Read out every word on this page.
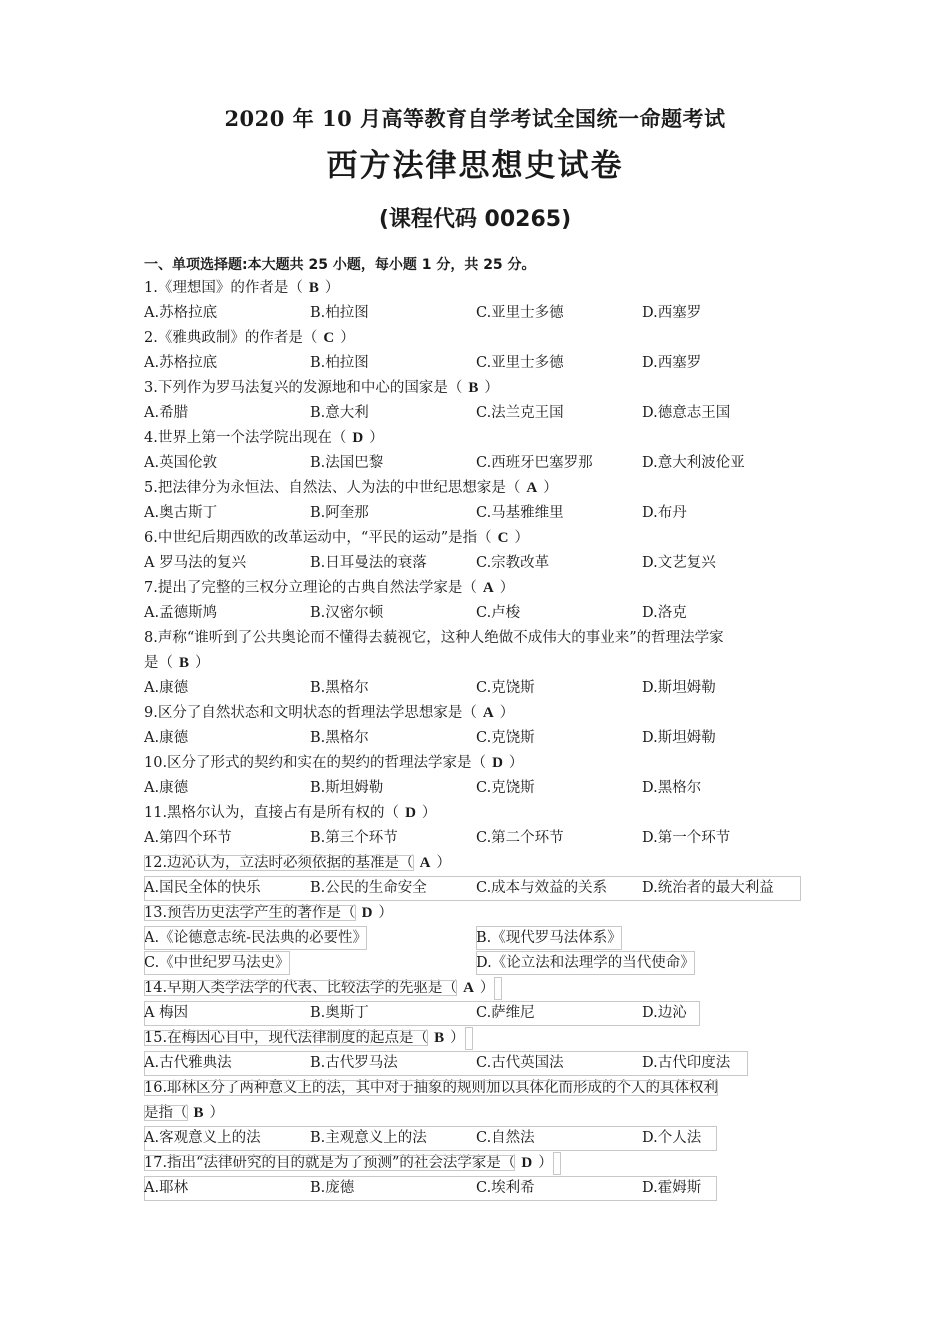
2020 年 10 月高等教育自学考试全国统一命题考试
西方法律思想史试卷
(课程代码 00265)
一、单项选择题:本大题共 25 小题，每小题 1 分，共 25 分。
1.《理想国》的作者是（ B ）
A.苏格拉底	B.柏拉图	C.亚里士多德	D.西塞罗
2.《雅典政制》的作者是（ C ）
A.苏格拉底	B.柏拉图	C.亚里士多德	D.西塞罗
3.下列作为罗马法复兴的发源地和中心的国家是（ B ）
A.希腊	B.意大利	C.法兰克王国	D.德意志王国
4.世界上第一个法学院出现在（ D ）
A.英国伦敦	B.法国巴黎	C.西班牙巴塞罗那	D.意大利波伦亚
5.把法律分为永恒法、自然法、人为法的中世纪思想家是（ A ）
A.奥古斯丁	B.阿奎那	C.马基雅维里	D.布丹
6.中世纪后期西欧的改革运动中，“平民的运动”是指（ C ）
A 罗马法的复兴	B.日耳曼法的衰落	C.宗教改革	D.文艺复兴
7.提出了完整的三权分立理论的古典自然法学家是（ A ）
A.孟德斯鸠	B.汉密尔顿	C.卢梭	D.洛克
8.声称“谁听到了公共奥论而不懂得去藐视它，这种人绝做不成伟大的事业来”的哲理法学家
是（ B ）
A.康德	B.黑格尔	C.克饶斯	D.斯坦姆勒
9.区分了自然状态和文明状态的哲理法学思想家是（ A ）
A.康德	B.黑格尔	C.克饶斯	D.斯坦姆勒
10.区分了形式的契约和实在的契约的哲理法学家是（ D ）
A.康德	B.斯坦姆勒	C.克饶斯	D.黑格尔
11.黑格尔认为，直接占有是所有权的（ D ）
A.第四个环节	B.第三个环节	C.第二个环节	D.第一个环节
12.边沁认为，立法时必须依据的基准是（ A ）
A.国民全体的快乐	B.公民的生命安全	C.成本与效益的关系 D.统治者的最大利益
13.预告历史法学产生的著作是（ D ）
A.《论德意志统-民法典的必要性》	B.《现代罗马法体系》
C.《中世纪罗马法史》	D.《论立法和法理学的当代使命》
14.早期人类学法学的代表、比较法学的先驱是（ A ）
A 梅因	B.奥斯丁	C.萨维尼	D.边沁
15.在梅因心目中，现代法律制度的起点是（ B ）
A.古代雅典法	B.古代罗马法	C.古代英国法	D.古代印度法
16.耶林区分了两种意义上的法，其中对于抽象的规则加以具体化而形成的个人的具体权利
是指（ B ）
A.客观意义上的法	B.主观意义上的法	C.自然法	D.个人法
17.指出“法律研究的目的就是为了预测”的社会法学家是（ D ）
A.耶林	B.庞德	C.埃利希	D.霍姆斯
